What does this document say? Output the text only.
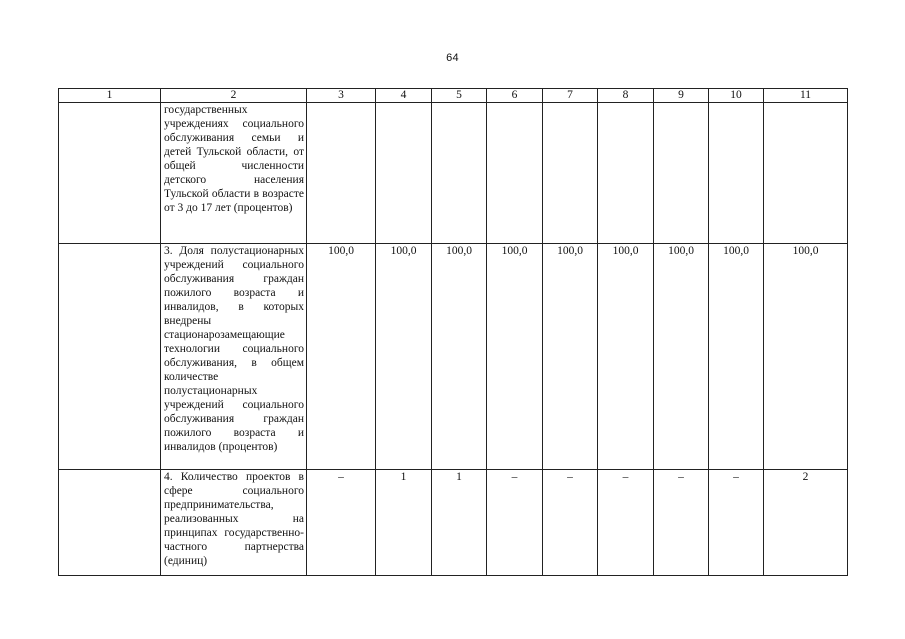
64
1	2	3	4	5	6	7	8	9	10	11
	государственных учреждениях социального обслуживания семьи и детей Тульской области, от общей численности детского населения Тульской области в возрасте от 3 до 17 лет (процентов)									
	3. Доля полустационарных учреждений социального обслуживания граждан пожилого возраста и инвалидов, в которых внедрены стационарозамещающие технологии социального обслуживания, в общем количестве полустационарных учреждений социального обслуживания граждан пожилого возраста и инвалидов (процентов)	100,0	100,0	100,0	100,0	100,0	100,0	100,0	100,0	100,0
	4. Количество проектов в сфере социального предпринимательства, реализованных на принципах государственно-частного партнерства (единиц)	–	1	1	–	–	–	–	–	2
